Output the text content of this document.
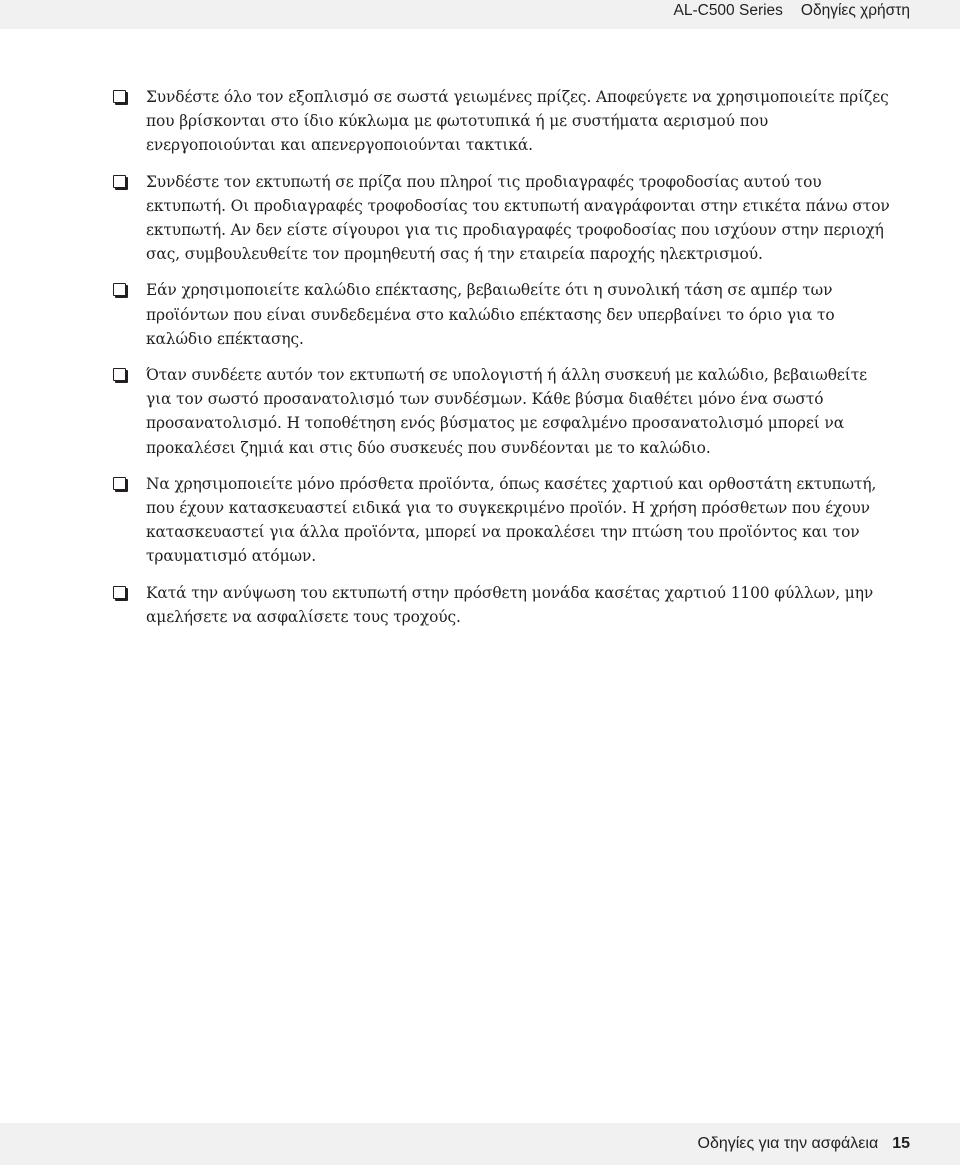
AL-C500 Series Οδηγίες χρήστη
Συνδέστε όλο τον εξοπλισμό σε σωστά γειωμένες πρίζες. Αποφεύγετε να χρησιμοποιείτε πρίζες που βρίσκονται στο ίδιο κύκλωμα με φωτοτυπικά ή με συστήματα αερισμού που ενεργοποιούνται και απενεργοποιούνται τακτικά.
Συνδέστε τον εκτυπωτή σε πρίζα που πληροί τις προδιαγραφές τροφοδοσίας αυτού του εκτυπωτή. Οι προδιαγραφές τροφοδοσίας του εκτυπωτή αναγράφονται στην ετικέτα πάνω στον εκτυπωτή. Αν δεν είστε σίγουροι για τις προδιαγραφές τροφοδοσίας που ισχύουν στην περιοχή σας, συμβουλευθείτε τον προμηθευτή σας ή την εταιρεία παροχής ηλεκτρισμού.
Εάν χρησιμοποιείτε καλώδιο επέκτασης, βεβαιωθείτε ότι η συνολική τάση σε αμπέρ των προϊόντων που είναι συνδεδεμένα στο καλώδιο επέκτασης δεν υπερβαίνει το όριο για το καλώδιο επέκτασης.
Όταν συνδέετε αυτόν τον εκτυπωτή σε υπολογιστή ή άλλη συσκευή με καλώδιο, βεβαιωθείτε για τον σωστό προσανατολισμό των συνδέσμων. Κάθε βύσμα διαθέτει μόνο ένα σωστό προσανατολισμό. Η τοποθέτηση ενός βύσματος με εσφαλμένο προσανατολισμό μπορεί να προκαλέσει ζημιά και στις δύο συσκευές που συνδέονται με το καλώδιο.
Να χρησιμοποιείτε μόνο πρόσθετα προϊόντα, όπως κασέτες χαρτιού και ορθοστάτη εκτυπωτή, που έχουν κατασκευαστεί ειδικά για το συγκεκριμένο προϊόν. Η χρήση πρόσθετων που έχουν κατασκευαστεί για άλλα προϊόντα, μπορεί να προκαλέσει την πτώση του προϊόντος και τον τραυματισμό ατόμων.
Κατά την ανύψωση του εκτυπωτή στην πρόσθετη μονάδα κασέτας χαρτιού 1100 φύλλων, μην αμελήσετε να ασφαλίσετε τους τροχούς.
Οδηγίες για την ασφάλεια 15
